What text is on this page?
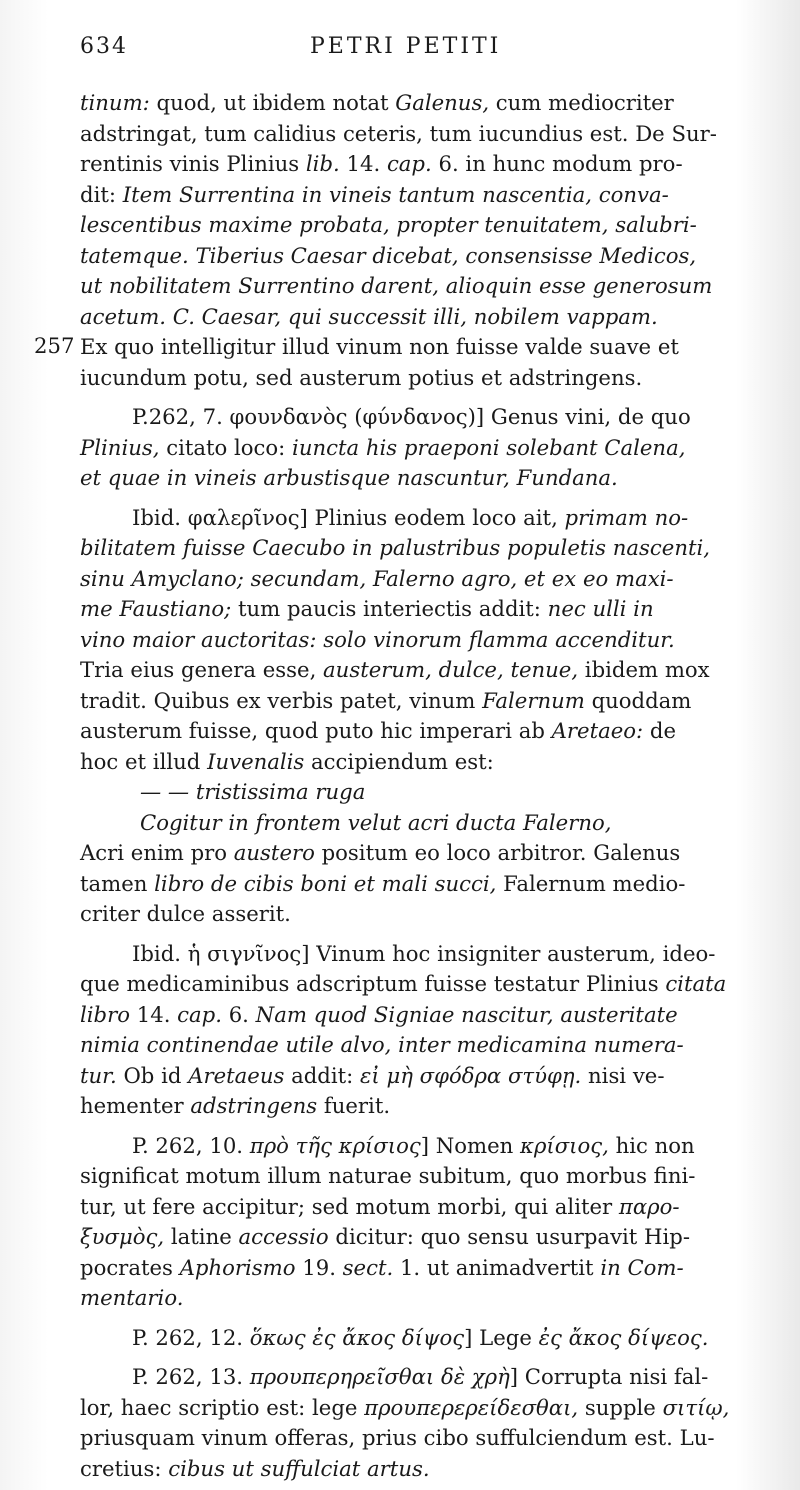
634	PETRI PETITI
257
tinum: quod, ut ibidem notat Galenus, cum mediocriter
adstringat, tum calidius ceteris, tum iucundius est. De Sur-
rentinis vinis Plinius lib. 14. cap. 6. in hunc modum pro-
dit: Item Surrentina in vineis tantum nascentia, conva-
lescentibus maxime probata, propter tenuitatem, salubri-
tatemque. Tiberius Caesar dicebat, consensisse Medicos,
ut nobilitatem Surrentino darent, alioquin esse generosum
acetum. C. Caesar, qui successit illi, nobilem vappam.
Ex quo intelligitur illud vinum non fuisse valde suave et
iucundum potu, sed austerum potius et adstringens.
P.262, 7. φουνδανὸς (φύνδανος)] Genus vini, de quo
Plinius, citato loco: iuncta his praeponi solebant Calena,
et quae in vineis arbustisque nascuntur, Fundana.
Ibid. φαλερῖνος] Plinius eodem loco ait, primam no-
bilitatem fuisse Caecubo in palustribus populetis nascenti,
sinu Amyclano; secundam, Falerno agro, et ex eo maxi-
me Faustiano; tum paucis interiectis addit: nec ulli in
vino maior auctoritas: solo vinorum flamma accenditur.
Tria eius genera esse, austerum, dulce, tenue, ibidem mox
tradit. Quibus ex verbis patet, vinum Falernum quoddam
austerum fuisse, quod puto hic imperari ab Aretaeo: de
hoc et illud Iuvenalis accipiendum est:
— — tristissima ruga
Cogitur in frontem velut acri ducta Falerno,
Acri enim pro austero positum eo loco arbitror. Galenus
tamen libro de cibis boni et mali succi, Falernum medio-
criter dulce asserit.
Ibid. ἡ σιγνῖνος] Vinum hoc insigniter austerum, ideo-
que medicaminibus adscriptum fuisse testatur Plinius citata
libro 14. cap. 6. Nam quod Signiae nascitur, austeritate
nimia continendae utile alvo, inter medicamina numera-
tur. Ob id Aretaeus addit: εἰ μὴ σφόδρα στύφῃ. nisi ve-
hementer adstringens fuerit.
P. 262, 10. πρὸ τῆς κρίσιος] Nomen κρίσιος, hic non
significat motum illum naturae subitum, quo morbus fini-
tur, ut fere accipitur; sed motum morbi, qui aliter παρο-
ξυσμὸς, latine accessio dicitur: quo sensu usurpavit Hip-
pocrates Aphorismo 19. sect. 1. ut animadvertit in Com-
mentario.
P. 262, 12. ὅκως ἐς ἄκος δίψος] Lege ἐς ἄκος δίψεος.
P. 262, 13. προυπερηρεῖσθαι δὲ χρὴ] Corrupta nisi fal-
lor, haec scriptio est: lege προυπερερείδεσθαι, supple σιτίῳ,
priusquam vinum offeras, prius cibo suffulciendum est. Lu-
cretius: cibus ut suffulciat artus.
